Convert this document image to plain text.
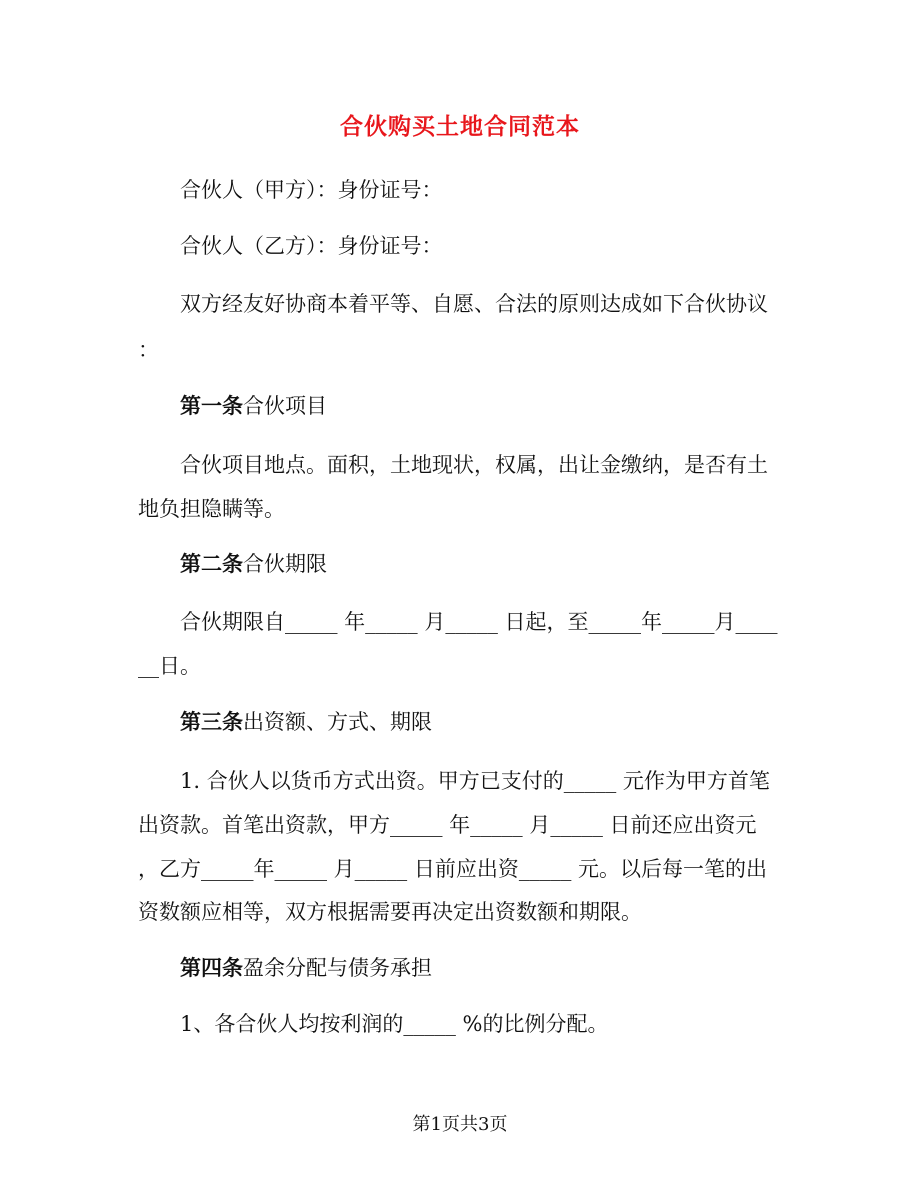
合伙购买土地合同范本
合伙人（甲方）：身份证号：
合伙人（乙方）：身份证号：
双方经友好协商本着平等、自愿、合法的原则达成如下合伙协议
：
第一条合伙项目
合伙项目地点。面积，土地现状，权属，出让金缴纳，是否有土
地负担隐瞒等。
第二条合伙期限
合伙期限自_____ 年_____ 月_____ 日起，至_____年_____月____
__日。
第三条出资额、方式、期限
1. 合伙人以货币方式出资。甲方已支付的_____ 元作为甲方首笔
出资款。首笔出资款，甲方_____ 年_____ 月_____ 日前还应出资元
，乙方_____年_____ 月_____ 日前应出资_____ 元。以后每一笔的出
资数额应相等，双方根据需要再决定出资数额和期限。
第四条盈余分配与债务承担
1、各合伙人均按利润的_____ %的比例分配。
第1页共3页
